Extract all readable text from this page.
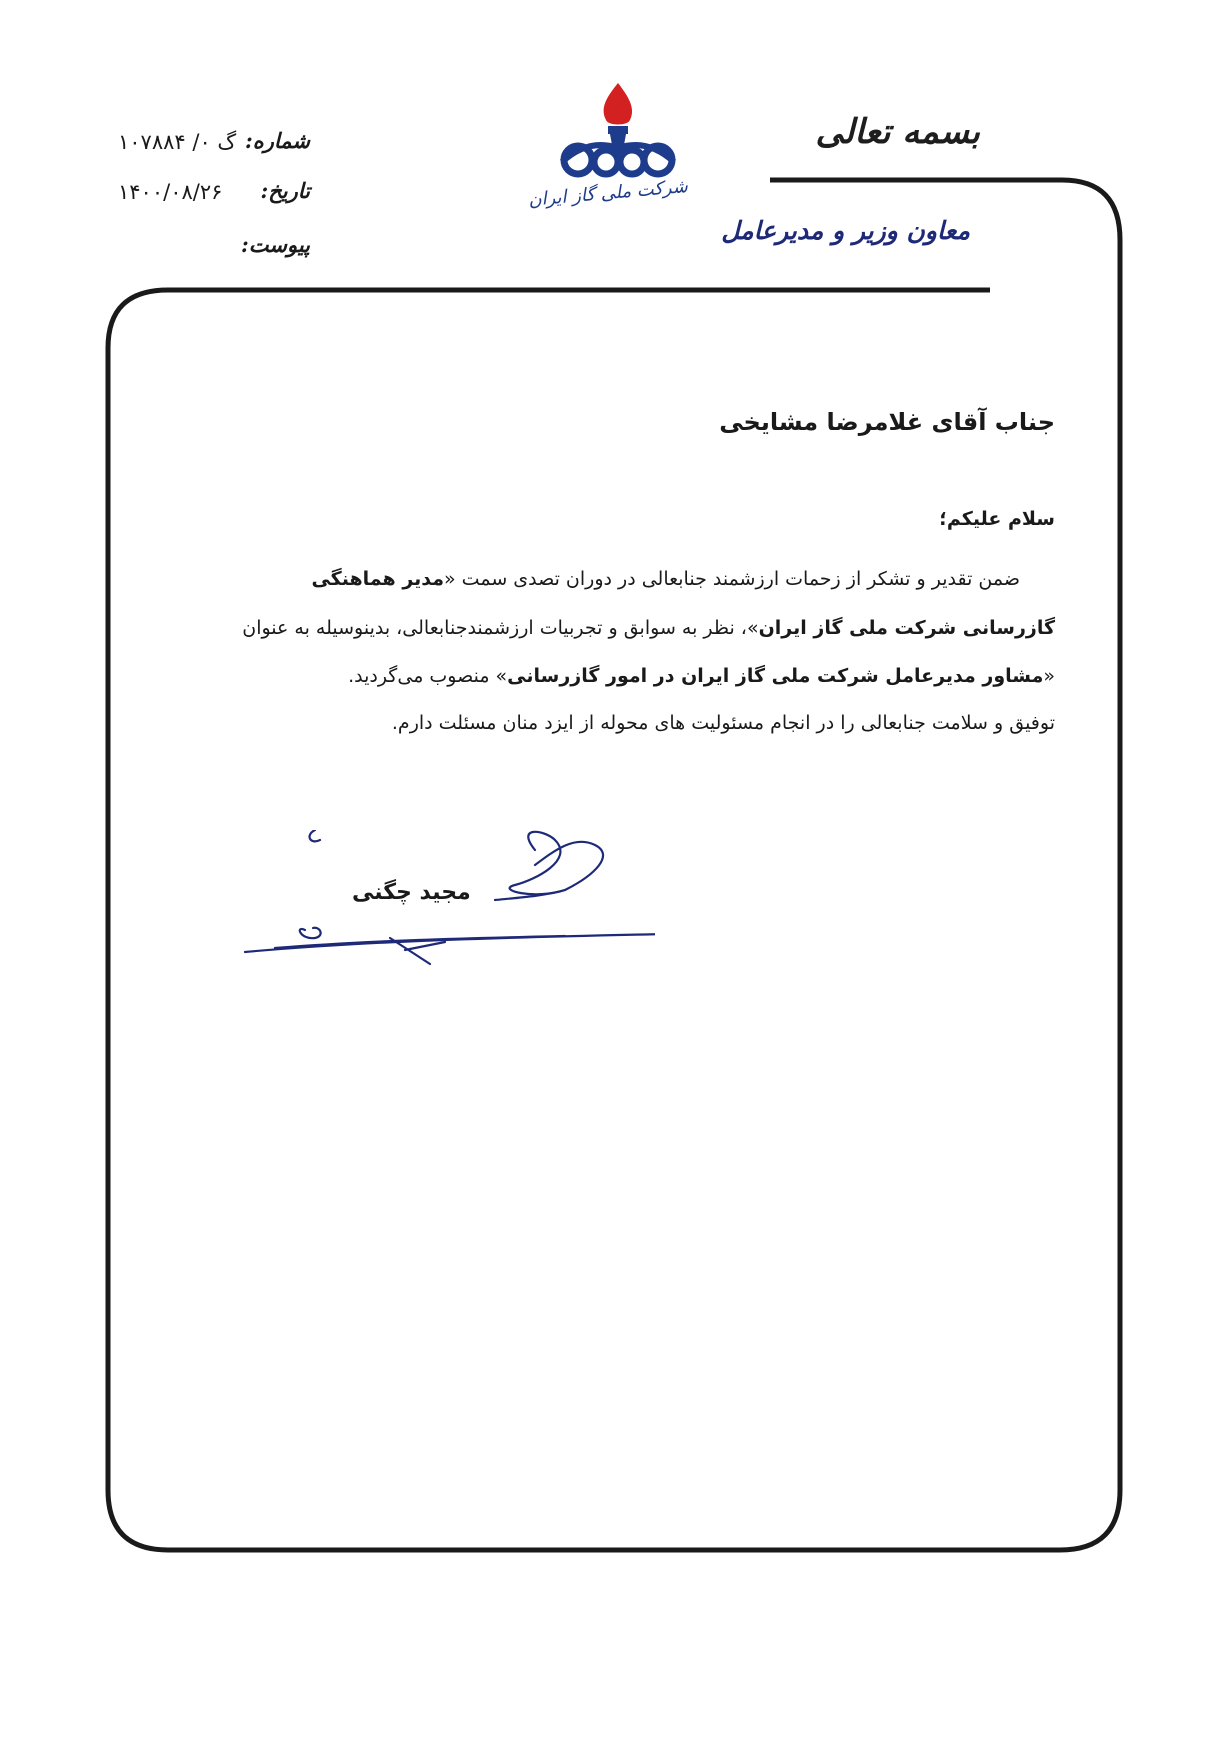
بسمه تعالی
معاون وزیر و مدیرعامل
شرکت ملی گاز ایران
شماره:
گ ۰/ ۱۰۷۸۸۴
تاریخ:
۱۴۰۰/۰۸/۲۶
پیوست:
جناب آقای غلامرضا مشایخی
سلام علیکم؛
ضمن تقدیر و تشکر از زحمات ارزشمند جنابعالی در دوران تصدی سمت «مدیر هماهنگی
گازرسانی شرکت ملی گاز ایران»، نظر به سوابق و تجربیات ارزشمندجنابعالی، بدینوسیله به عنوان
«مشاور مدیرعامل شرکت ملی گاز ایران در امور گازرسانی» منصوب می‌گردید.
توفیق و سلامت جنابعالی را در انجام مسئولیت های محوله از ایزد منان مسئلت دارم.
مجید چگنی
